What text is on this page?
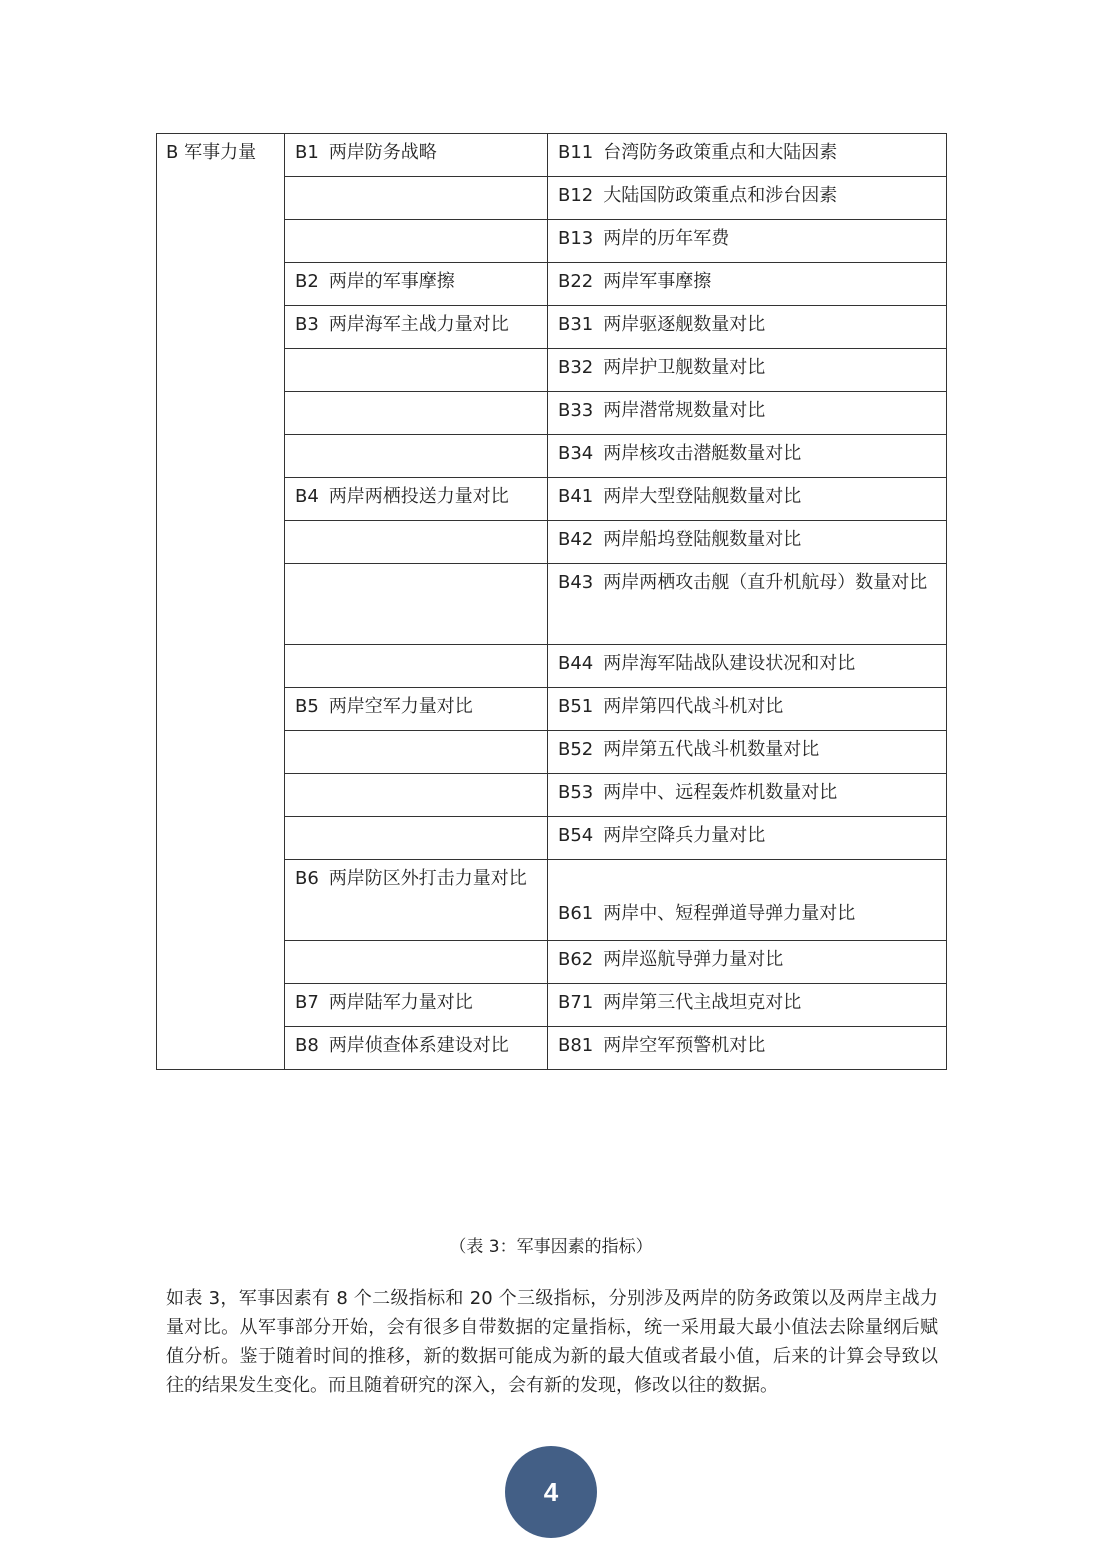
B 军事力量	B1 两岸防务战略	B11 台湾防务政策重点和大陆因素
		B12 大陆国防政策重点和涉台因素
		B13 两岸的历年军费
	B2 两岸的军事摩擦	B22 两岸军事摩擦
	B3 两岸海军主战力量对比	B31 两岸驱逐舰数量对比
		B32 两岸护卫舰数量对比
		B33 两岸潜常规数量对比
		B34 两岸核攻击潜艇数量对比
	B4 两岸两栖投送力量对比	B41 两岸大型登陆舰数量对比
		B42 两岸船坞登陆舰数量对比
		B43 两岸两栖攻击舰（直升机航母）数量对比
		B44 两岸海军陆战队建设状况和对比
	B5 两岸空军力量对比	B51 两岸第四代战斗机对比
		B52 两岸第五代战斗机数量对比
		B53 两岸中、远程轰炸机数量对比
		B54 两岸空降兵力量对比
	B6 两岸防区外打击力量对比	B61 两岸中、短程弹道导弹力量对比
		B62 两岸巡航导弹力量对比
	B7 两岸陆军力量对比	B71 两岸第三代主战坦克对比
	B8 两岸侦查体系建设对比	B81 两岸空军预警机对比
（表 3：军事因素的指标）

如表 3，军事因素有 8 个二级指标和 20 个三级指标，分别涉及两岸的防务政策以及两岸主战力量对比。从军事部分开始，会有很多自带数据的定量指标，统一采用最大最小值法去除量纲后赋值分析。鉴于随着时间的推移，新的数据可能成为新的最大值或者最小值，后来的计算会导致以往的结果发生变化。而且随着研究的深入，会有新的发现，修改以往的数据。

4
